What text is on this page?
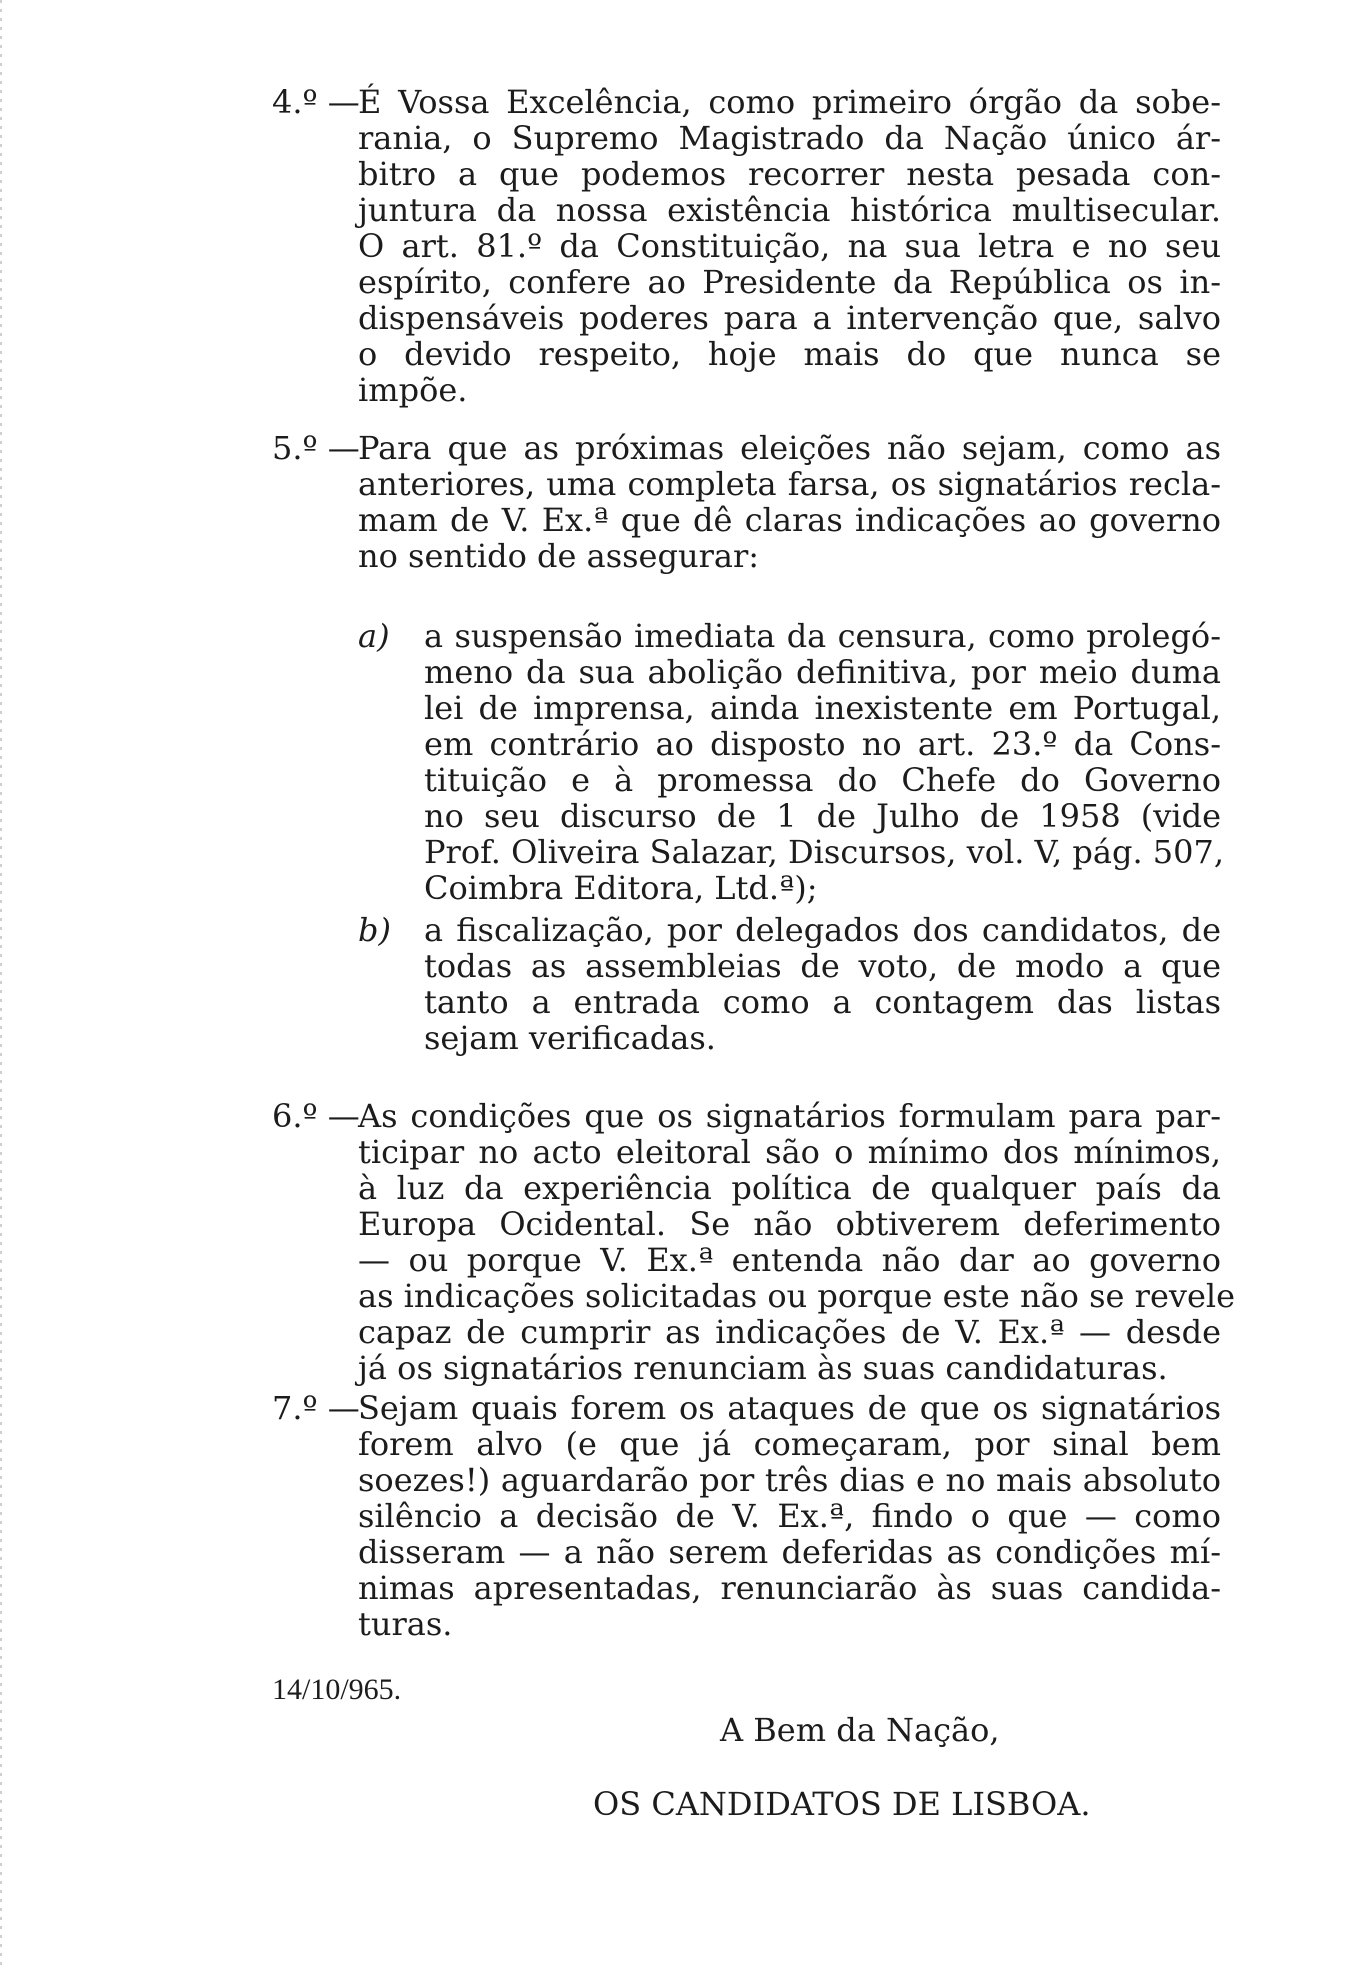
4.º —
É Vossa Excelência, como primeiro órgão da sobe-
rania, o Supremo Magistrado da Nação único ár-
bitro a que podemos recorrer nesta pesada con-
juntura da nossa existência histórica multisecular.
O art. 81.º da Constituição, na sua letra e no seu
espírito, confere ao Presidente da República os in-
dispensáveis poderes para a intervenção que, salvo
o devido respeito, hoje mais do que nunca se
impõe.
5.º —
Para que as próximas eleições não sejam, como as
anteriores, uma completa farsa, os signatários recla-
mam de V. Ex.ª que dê claras indicações ao governo
no sentido de assegurar:
a) a suspensão imediata da censura, como prolegó-
meno da sua abolição definitiva, por meio duma
lei de imprensa, ainda inexistente em Portugal,
em contrário ao disposto no art. 23.º da Cons-
tituição e à promessa do Chefe do Governo
no seu discurso de 1 de Julho de 1958 (vide
Prof. Oliveira Salazar, Discursos, vol. V, pág. 507,
Coimbra Editora, Ltd.ª);
b) a fiscalização, por delegados dos candidatos, de
todas as assembleias de voto, de modo a que
tanto a entrada como a contagem das listas
sejam verificadas.
6.º —
As condições que os signatários formulam para par-
ticipar no acto eleitoral são o mínimo dos mínimos,
à luz da experiência política de qualquer país da
Europa Ocidental. Se não obtiverem deferimento
— ou porque V. Ex.ª entenda não dar ao governo
as indicações solicitadas ou porque este não se revele
capaz de cumprir as indicações de V. Ex.ª — desde
já os signatários renunciam às suas candidaturas.
7.º —
Sejam quais forem os ataques de que os signatários
forem alvo (e que já começaram, por sinal bem
soezes!) aguardarão por três dias e no mais absoluto
silêncio a decisão de V. Ex.ª, findo o que — como
disseram — a não serem deferidas as condições mí-
nimas apresentadas, renunciarão às suas candida-
turas.
14/10/965.
A Bem da Nação,
OS CANDIDATOS DE LISBOA.
